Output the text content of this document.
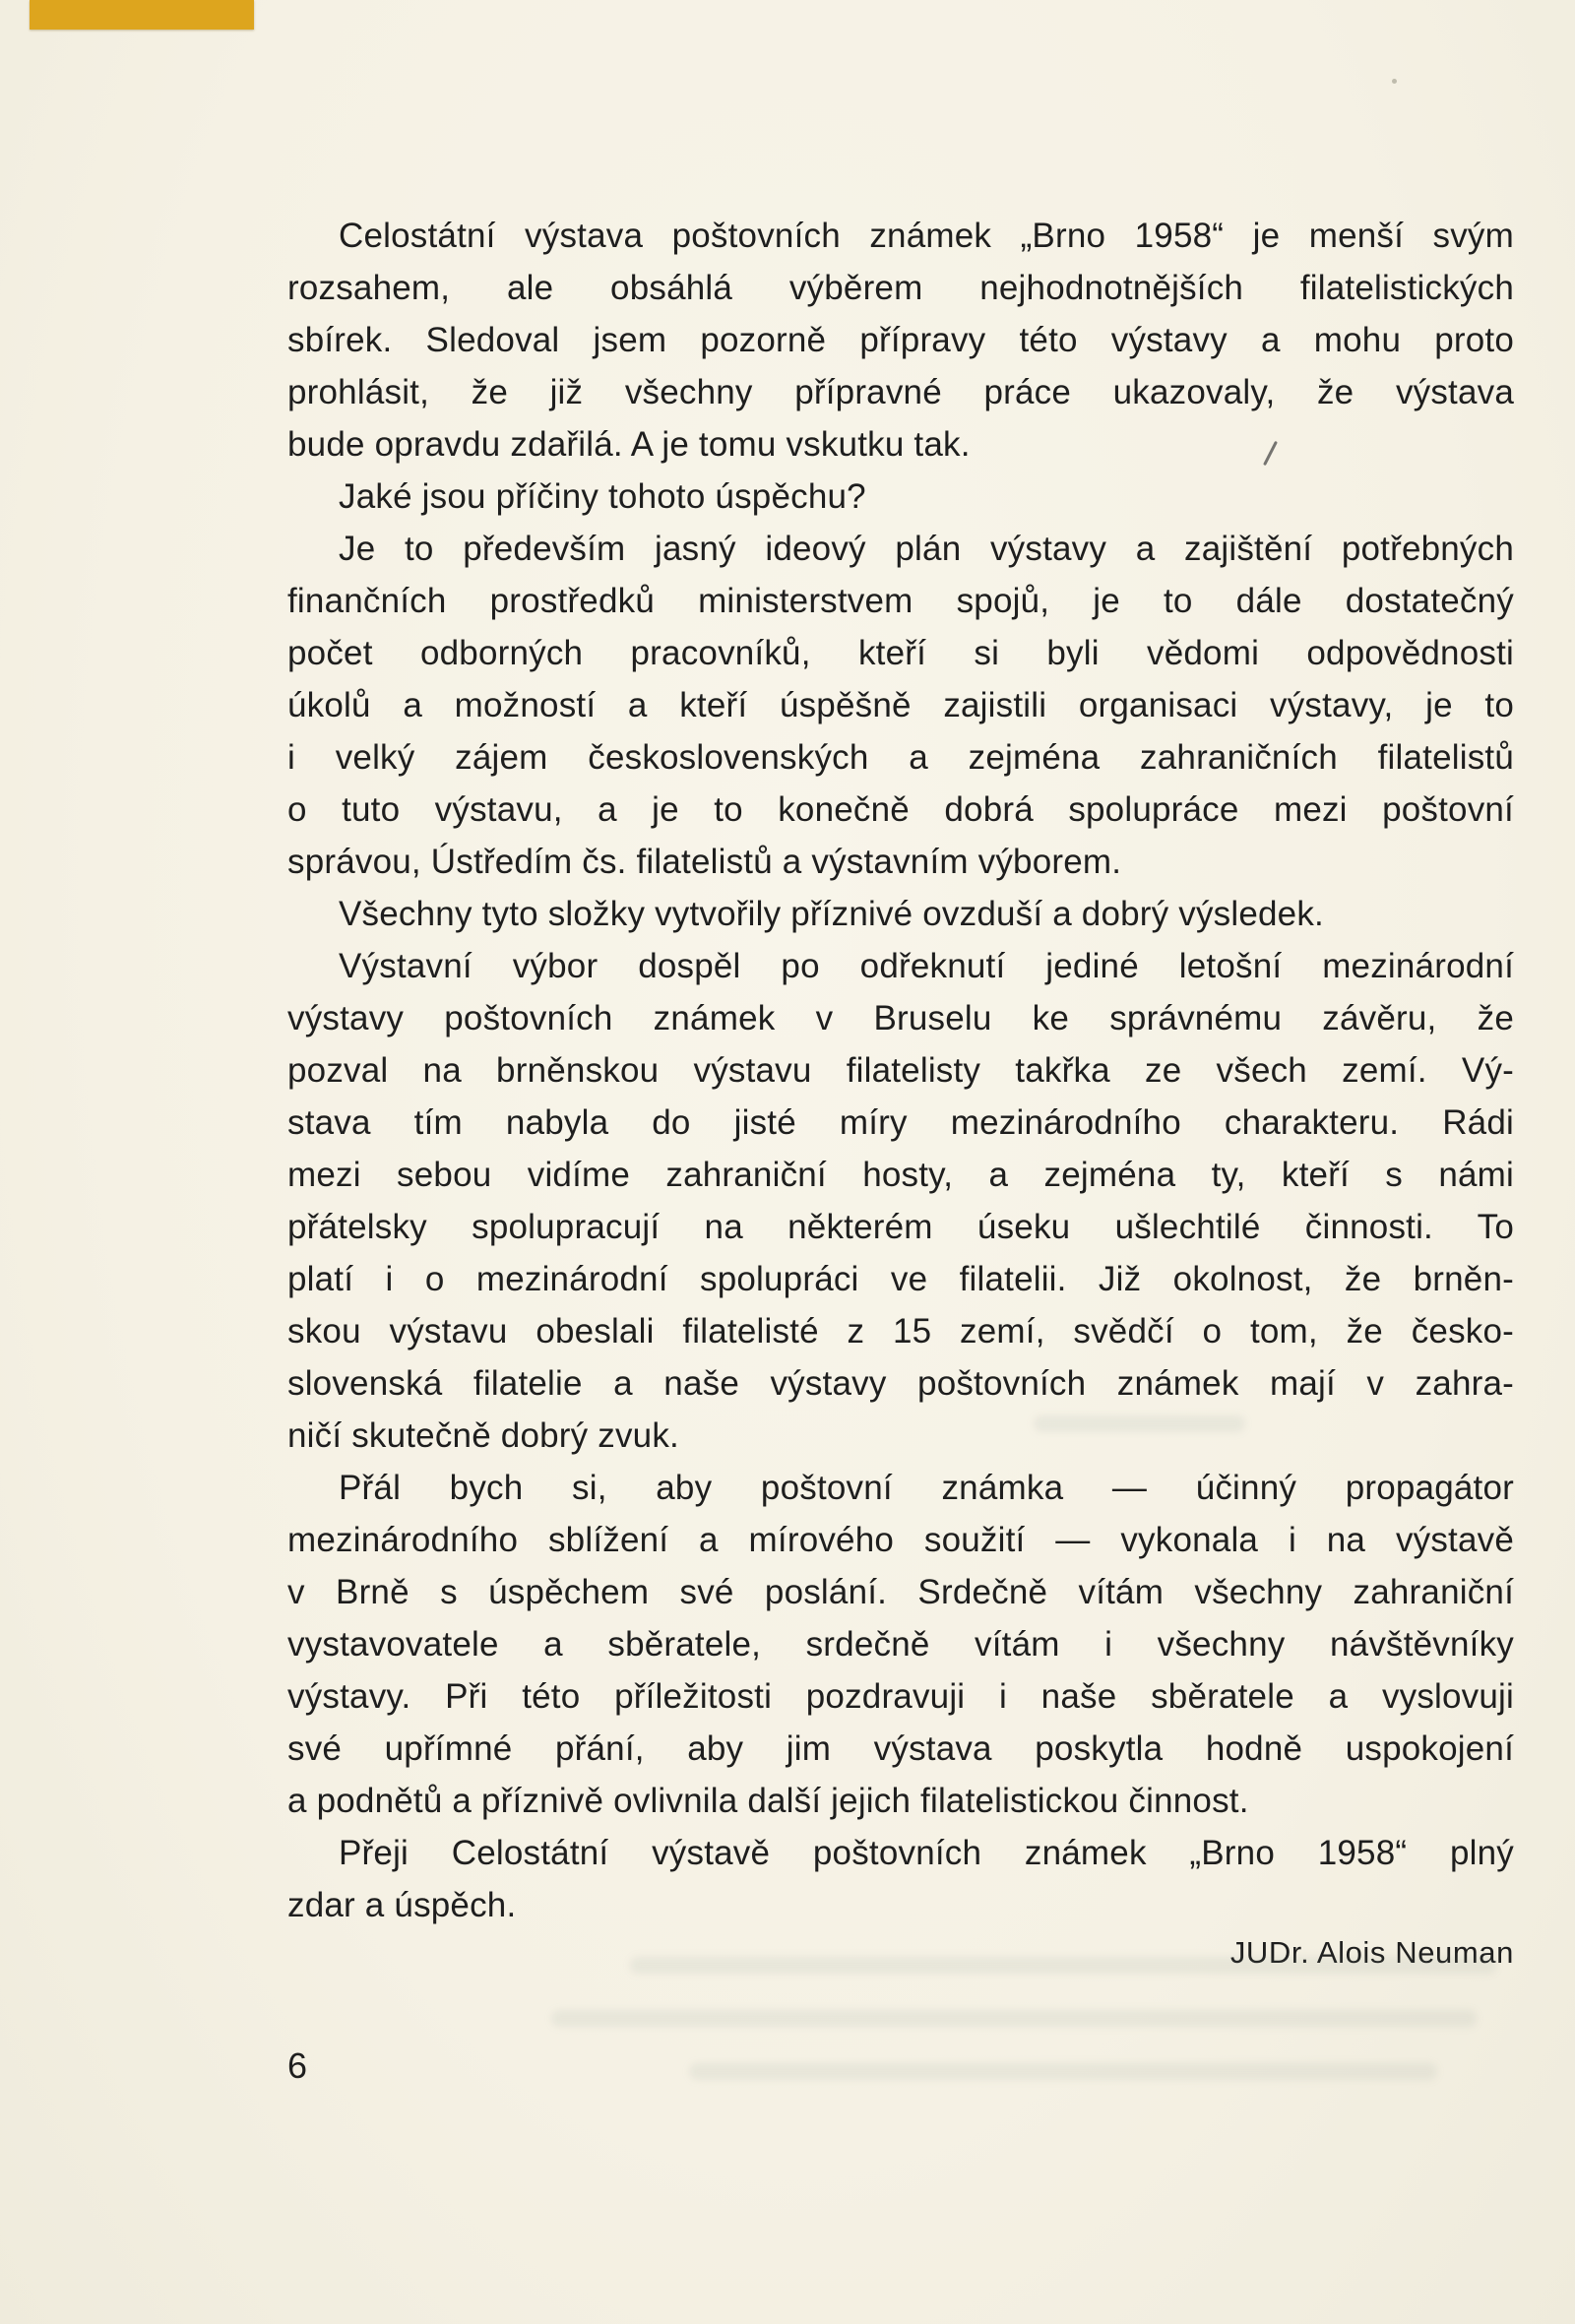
Celostátní výstava poštovních známek „Brno 1958“ je menší svým
rozsahem, ale obsáhlá výběrem nejhodnotnějších filatelistických
sbírek. Sledoval jsem pozorně přípravy této výstavy a mohu proto
prohlásit, že již všechny přípravné práce ukazovaly, že výstava
bude opravdu zdařilá. A je tomu vskutku tak.
Jaké jsou příčiny tohoto úspěchu?
Je to především jasný ideový plán výstavy a zajištění potřebných
finančních prostředků ministerstvem spojů, je to dále dostatečný
počet odborných pracovníků, kteří si byli vědomi odpovědnosti
úkolů a možností a kteří úspěšně zajistili organisaci výstavy, je to
i velký zájem československých a zejména zahraničních filatelistů
o tuto výstavu, a je to konečně dobrá spolupráce mezi poštovní
správou, Ústředím čs. filatelistů a výstavním výborem.
Všechny tyto složky vytvořily příznivé ovzduší a dobrý výsledek.
Výstavní výbor dospěl po odřeknutí jediné letošní mezinárodní
výstavy poštovních známek v Bruselu ke správnému závěru, že
pozval na brněnskou výstavu filatelisty takřka ze všech zemí. Vý-
stava tím nabyla do jisté míry mezinárodního charakteru. Rádi
mezi sebou vidíme zahraniční hosty, a zejména ty, kteří s námi
přátelsky spolupracují na některém úseku ušlechtilé činnosti. To
platí i o mezinárodní spolupráci ve filatelii. Již okolnost, že brněn-
skou výstavu obeslali filatelisté z 15 zemí, svědčí o tom, že česko-
slovenská filatelie a naše výstavy poštovních známek mají v zahra-
ničí skutečně dobrý zvuk.
Přál bych si, aby poštovní známka — účinný propagátor
mezinárodního sblížení a mírového soužití — vykonala i na výstavě
v Brně s úspěchem své poslání. Srdečně vítám všechny zahraniční
vystavovatele a sběratele, srdečně vítám i všechny návštěvníky
výstavy. Při této příležitosti pozdravuji i naše sběratele a vyslovuji
své upřímné přání, aby jim výstava poskytla hodně uspokojení
a podnětů a příznivě ovlivnila další jejich filatelistickou činnost.
Přeji Celostátní výstavě poštovních známek „Brno 1958“ plný
zdar a úspěch.
JUDr. Alois Neuman
6
